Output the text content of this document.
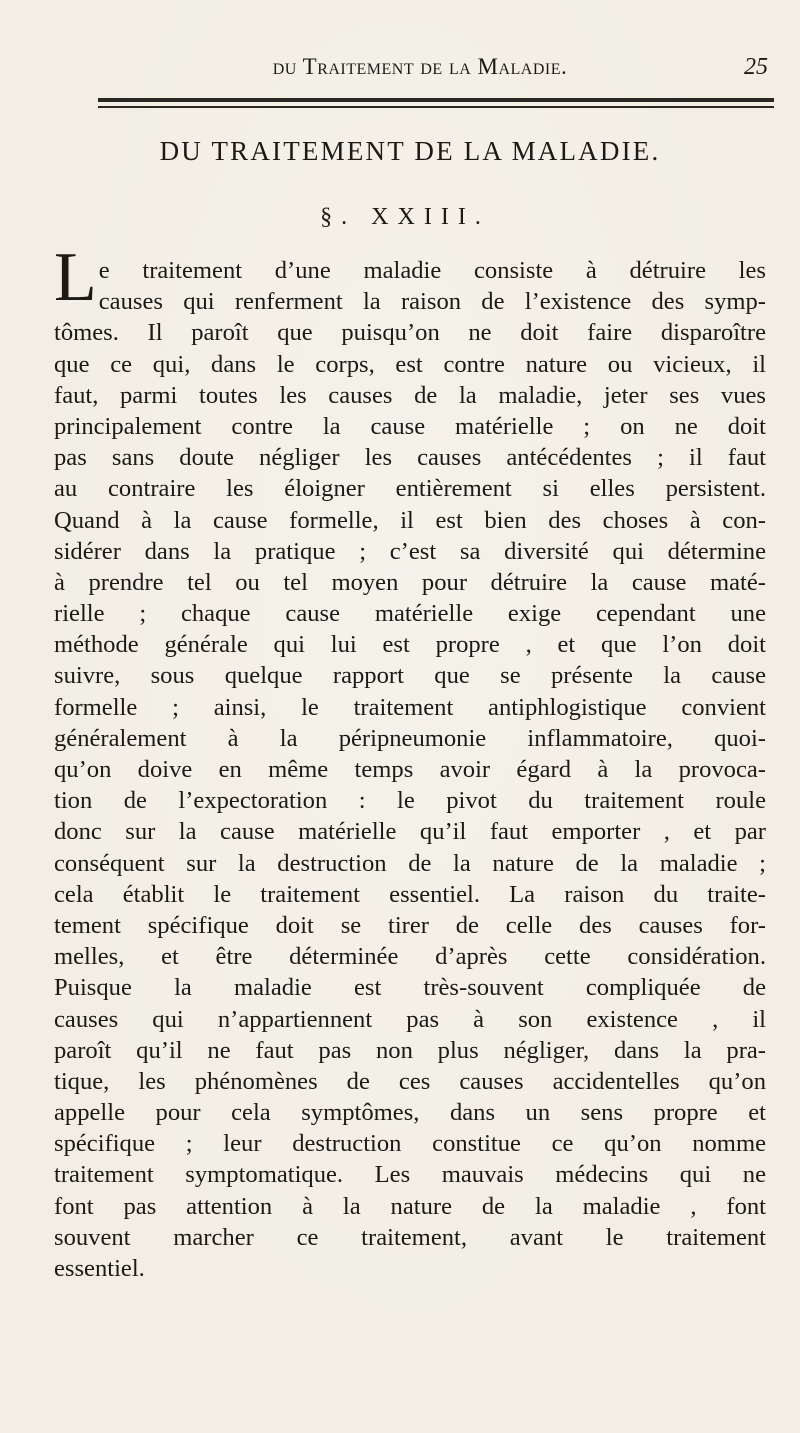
du Traitement de la Maladie.	25
DU TRAITEMENT DE LA MALADIE.
§. XXIII.
L e traitement d’une maladie consiste à détruire les
causes qui renferment la raison de l’existence des symp-
tômes. Il paroît que puisqu’on ne doit faire disparoître
que ce qui, dans le corps, est contre nature ou vicieux, il
faut, parmi toutes les causes de la maladie, jeter ses vues
principalement contre la cause matérielle ; on ne doit
pas sans doute négliger les causes antécédentes ; il faut
au contraire les éloigner entièrement si elles persistent.
Quand à la cause formelle, il est bien des choses à con-
sidérer dans la pratique ; c’est sa diversité qui détermine
à prendre tel ou tel moyen pour détruire la cause maté-
rielle ; chaque cause matérielle exige cependant une
méthode générale qui lui est propre , et que l’on doit
suivre, sous quelque rapport que se présente la cause
formelle ; ainsi, le traitement antiphlogistique convient
généralement à la péripneumonie inflammatoire, quoi-
qu’on doive en même temps avoir égard à la provoca-
tion de l’expectoration : le pivot du traitement roule
donc sur la cause matérielle qu’il faut emporter , et par
conséquent sur la destruction de la nature de la maladie ;
cela établit le traitement essentiel. La raison du traite-
tement spécifique doit se tirer de celle des causes for-
melles, et être déterminée d’après cette considération.
Puisque la maladie est très-souvent compliquée de
causes qui n’appartiennent pas à son existence , il
paroît qu’il ne faut pas non plus négliger, dans la pra-
tique, les phénomènes de ces causes accidentelles qu’on
appelle pour cela symptômes, dans un sens propre et
spécifique ; leur destruction constitue ce qu’on nomme
traitement symptomatique. Les mauvais médecins qui ne
font pas attention à la nature de la maladie , font
souvent marcher ce traitement, avant le traitement
essentiel.
